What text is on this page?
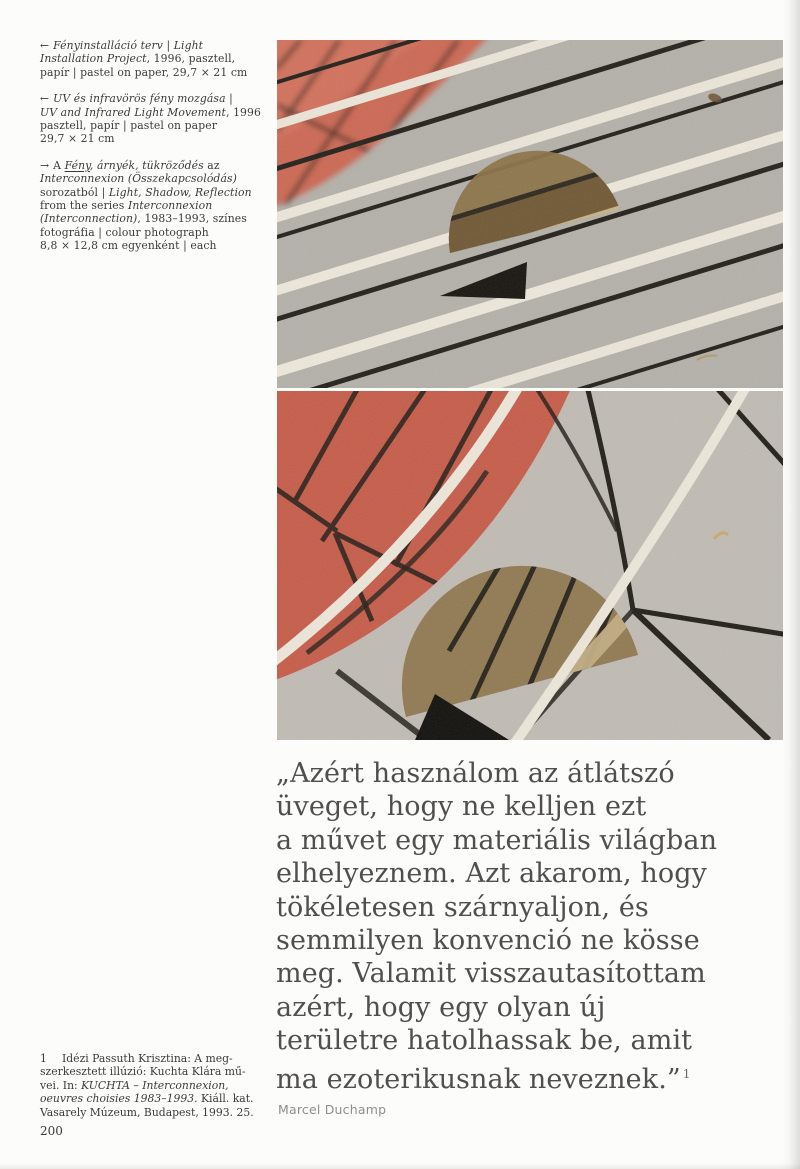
← Fényinstalláció terv | Light
Installation Project, 1996, pasztell,
papír | pastel on paper, 29,7 × 21 cm
← UV és infravörös fény mozgása |
UV and Infrared Light Movement, 1996
pasztell, papír | pastel on paper
29,7 × 21 cm
→ A Fény, árnyék, tükröződés az
Interconnexion (Összekapcsolódás)
sorozatból | Light, Shadow, Reflection
from the series Interconnexion
(Interconnection), 1983–1993, színes
fotográfia | colour photograph
8,8 × 12,8 cm egyenként | each
„Azért használom az átlátszó
üveget, hogy ne kelljen ezt
a művet egy materiális világban
elhelyeznem. Azt akarom, hogy
tökéletesen szárnyaljon, és
semmilyen konvenció ne kösse
meg. Valamit visszautasítottam
azért, hogy egy olyan új
területre hatolhassak be, amit
ma ezoterikusnak neveznek.” $^1$
Marcel Duchamp
1 Idézi Passuth Krisztina: A meg-
szerkesztett illúzió: Kuchta Klára mű-
vei. In: KUCHTA – Interconnexion,
oeuvres choisies 1983–1993. Kiáll. kat.
Vasarely Múzeum, Budapest, 1993. 25.
200
